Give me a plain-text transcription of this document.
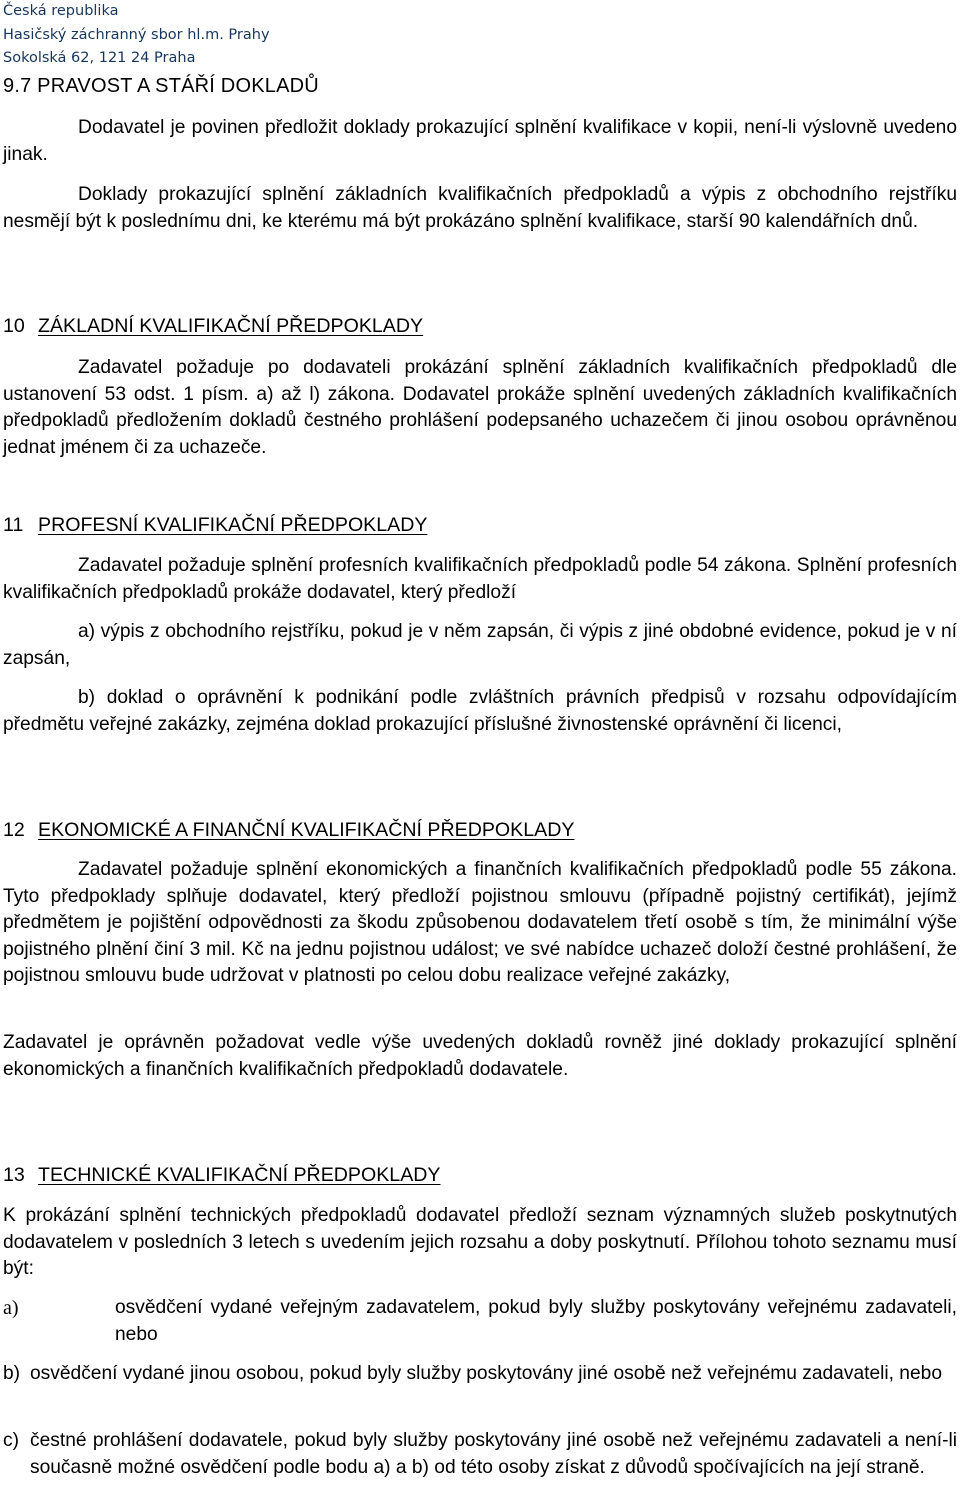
Česká republika
Hasičský záchranný sbor hl.m. Prahy
Sokolská 62, 121 24 Praha
9.7 PRAVOST A STÁŘÍ DOKLADŮ
Dodavatel je povinen předložit doklady prokazující splnění kvalifikace v kopii, není-li výslovně uvedeno jinak.
Doklady prokazující splnění základních kvalifikačních předpokladů a výpis z obchodního rejstříku nesmějí být k poslednímu dni, ke kterému má být prokázáno splnění kvalifikace, starší 90 kalendářních dnů.
10 ZÁKLADNÍ KVALIFIKAČNÍ PŘEDPOKLADY
Zadavatel požaduje po dodavateli prokázání splnění základních kvalifikačních předpokladů dle ustanovení 53 odst. 1 písm. a) až l) zákona. Dodavatel prokáže splnění uvedených základních kvalifikačních předpokladů předložením dokladů čestného prohlášení podepsaného uchazečem či jinou osobou oprávněnou jednat jménem či za uchazeče.
11 PROFESNÍ KVALIFIKAČNÍ PŘEDPOKLADY
Zadavatel požaduje splnění profesních kvalifikačních předpokladů podle 54 zákona. Splnění profesních kvalifikačních předpokladů prokáže dodavatel, který předloží
a) výpis z obchodního rejstříku, pokud je v něm zapsán, či výpis z jiné obdobné evidence, pokud je v ní zapsán,
b) doklad o oprávnění k podnikání podle zvláštních právních předpisů v rozsahu odpovídajícím předmětu veřejné zakázky, zejména doklad prokazující příslušné živnostenské oprávnění či licenci,
12 EKONOMICKÉ A FINANČNÍ KVALIFIKAČNÍ PŘEDPOKLADY
Zadavatel požaduje splnění ekonomických a finančních kvalifikačních předpokladů podle 55 zákona. Tyto předpoklady splňuje dodavatel, který předloží pojistnou smlouvu (případně pojistný certifikát), jejímž předmětem je pojištění odpovědnosti za škodu způsobenou dodavatelem třetí osobě s tím, že minimální výše pojistného plnění činí 3 mil. Kč na jednu pojistnou událost; ve své nabídce uchazeč doloží čestné prohlášení, že pojistnou smlouvu bude udržovat v platnosti po celou dobu realizace veřejné zakázky,
Zadavatel je oprávněn požadovat vedle výše uvedených dokladů rovněž jiné doklady prokazující splnění ekonomických a finančních kvalifikačních předpokladů dodavatele.
13 TECHNICKÉ KVALIFIKAČNÍ PŘEDPOKLADY
K prokázání splnění technických předpokladů dodavatel předloží seznam významných služeb poskytnutých dodavatelem v posledních 3 letech s uvedením jejich rozsahu a doby poskytnutí. Přílohou tohoto seznamu musí být:
a)	osvědčení vydané veřejným zadavatelem, pokud byly služby poskytovány veřejnému zadavateli, nebo
b) osvědčení vydané jinou osobou, pokud byly služby poskytovány jiné osobě než veřejnému zadavateli, nebo
c) čestné prohlášení dodavatele, pokud byly služby poskytovány jiné osobě než veřejnému zadavateli a není-li současně možné osvědčení podle bodu a) a b) od této osoby získat z důvodů spočívajících na její straně.
